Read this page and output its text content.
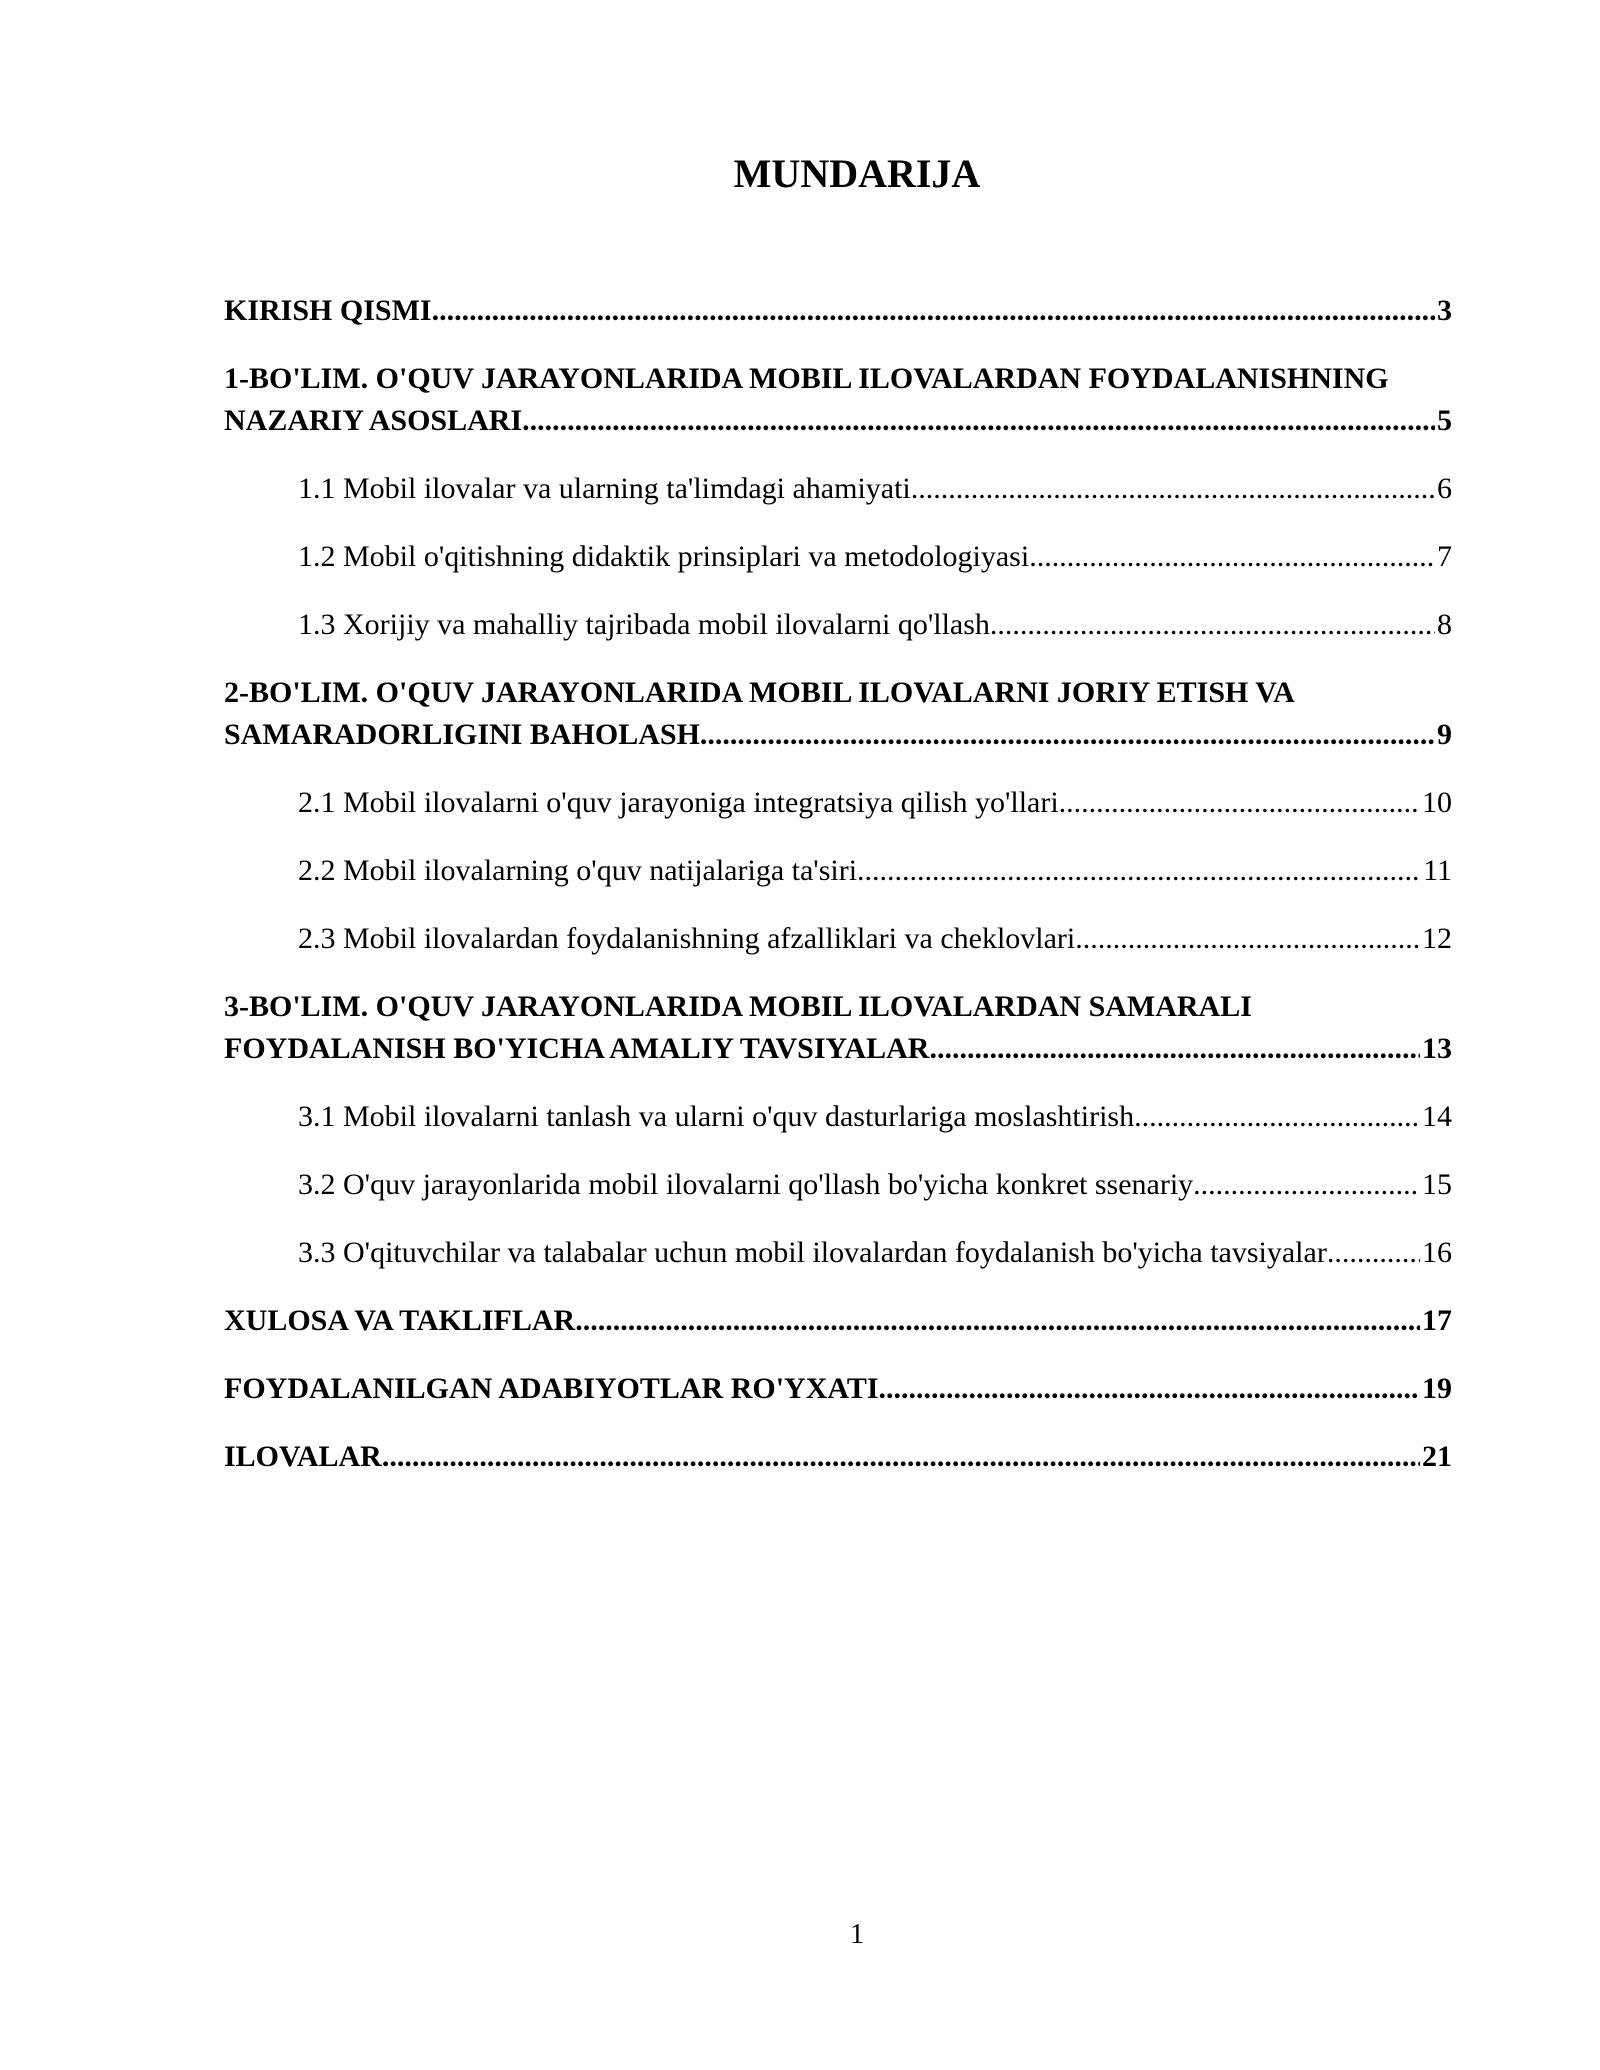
MUNDARIJA
KIRISH QISMI .....	3
1-BO'LIM. O'QUV JARAYONLARIDA MOBIL ILOVALARDAN FOYDALANISHNING
NAZARIY ASOSLARI .....	5
1.1 Mobil ilovalar va ularning ta'limdagi ahamiyati .....	6
1.2 Mobil o'qitishning didaktik prinsiplari va metodologiyasi .....	7
1.3 Xorijiy va mahalliy tajribada mobil ilovalarni qo'llash .....	8
2-BO'LIM. O'QUV JARAYONLARIDA MOBIL ILOVALARNI JORIY ETISH VA
SAMARADORLIGINI BAHOLASH .....	9
2.1 Mobil ilovalarni o'quv jarayoniga integratsiya qilish yo'llari .....	10
2.2 Mobil ilovalarning o'quv natijalariga ta'siri .....	11
2.3 Mobil ilovalardan foydalanishning afzalliklari va cheklovlari .....	12
3-BO'LIM. O'QUV JARAYONLARIDA MOBIL ILOVALARDAN SAMARALI
FOYDALANISH BO'YICHA AMALIY TAVSIYALAR .....	13
3.1 Mobil ilovalarni tanlash va ularni o'quv dasturlariga moslashtirish .....	14
3.2 O'quv jarayonlarida mobil ilovalarni qo'llash bo'yicha konkret ssenariy .....	15
3.3 O'qituvchilar va talabalar uchun mobil ilovalardan foydalanish bo'yicha tavsiyalar .....	16
XULOSA VA TAKLIFLAR .....	17
FOYDALANILGAN ADABIYOTLAR RO'YXATI .....	19
ILOVALAR .....	21
1
